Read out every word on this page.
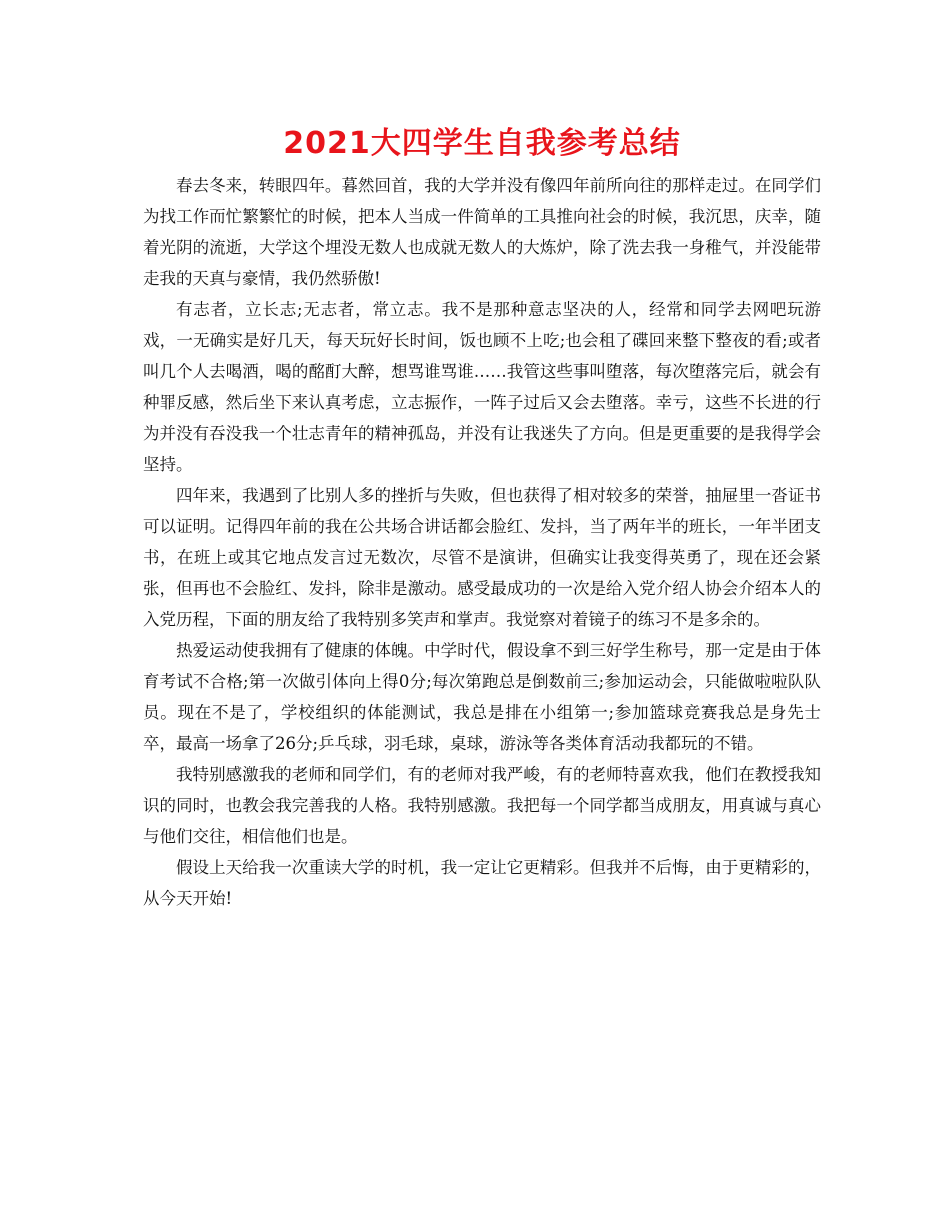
2021大四学生自我参考总结

春去冬来，转眼四年。暮然回首，我的大学并没有像四年前所向往的那样走过。在同学们为找工作而忙繁繁忙的时候，把本人当成一件简单的工具推向社会的时候，我沉思，庆幸，随着光阴的流逝，大学这个埋没无数人也成就无数人的大炼炉，除了洗去我一身稚气，并没能带走我的天真与豪情，我仍然骄傲!

有志者，立长志;无志者，常立志。我不是那种意志坚决的人，经常和同学去网吧玩游戏，一无确实是好几天，每天玩好长时间，饭也顾不上吃;也会租了碟回来整下整夜的看;或者叫几个人去喝酒，喝的酩酊大醉，想骂谁骂谁……我管这些事叫堕落，每次堕落完后，就会有种罪反感，然后坐下来认真考虑，立志振作，一阵子过后又会去堕落。幸亏，这些不长进的行为并没有吞没我一个壮志青年的精神孤岛，并没有让我迷失了方向。但是更重要的是我得学会坚持。

四年来，我遇到了比别人多的挫折与失败，但也获得了相对较多的荣誉，抽屉里一沓证书可以证明。记得四年前的我在公共场合讲话都会脸红、发抖，当了两年半的班长，一年半团支书，在班上或其它地点发言过无数次，尽管不是演讲，但确实让我变得英勇了，现在还会紧张，但再也不会脸红、发抖，除非是激动。感受最成功的一次是给入党介绍人协会介绍本人的入党历程，下面的朋友给了我特别多笑声和掌声。我觉察对着镜子的练习不是多余的。

热爱运动使我拥有了健康的体魄。中学时代，假设拿不到三好学生称号，那一定是由于体育考试不合格;第一次做引体向上得0分;每次第跑总是倒数前三;参加运动会，只能做啦啦队队员。现在不是了，学校组织的体能测试，我总是排在小组第一;参加篮球竞赛我总是身先士卒，最高一场拿了26分;乒乓球，羽毛球，桌球，游泳等各类体育活动我都玩的不错。

我特别感激我的老师和同学们，有的老师对我严峻，有的老师特喜欢我，他们在教授我知识的同时，也教会我完善我的人格。我特别感激。我把每一个同学都当成朋友，用真诚与真心与他们交往，相信他们也是。

假设上天给我一次重读大学的时机，我一定让它更精彩。但我并不后悔，由于更精彩的，从今天开始!
